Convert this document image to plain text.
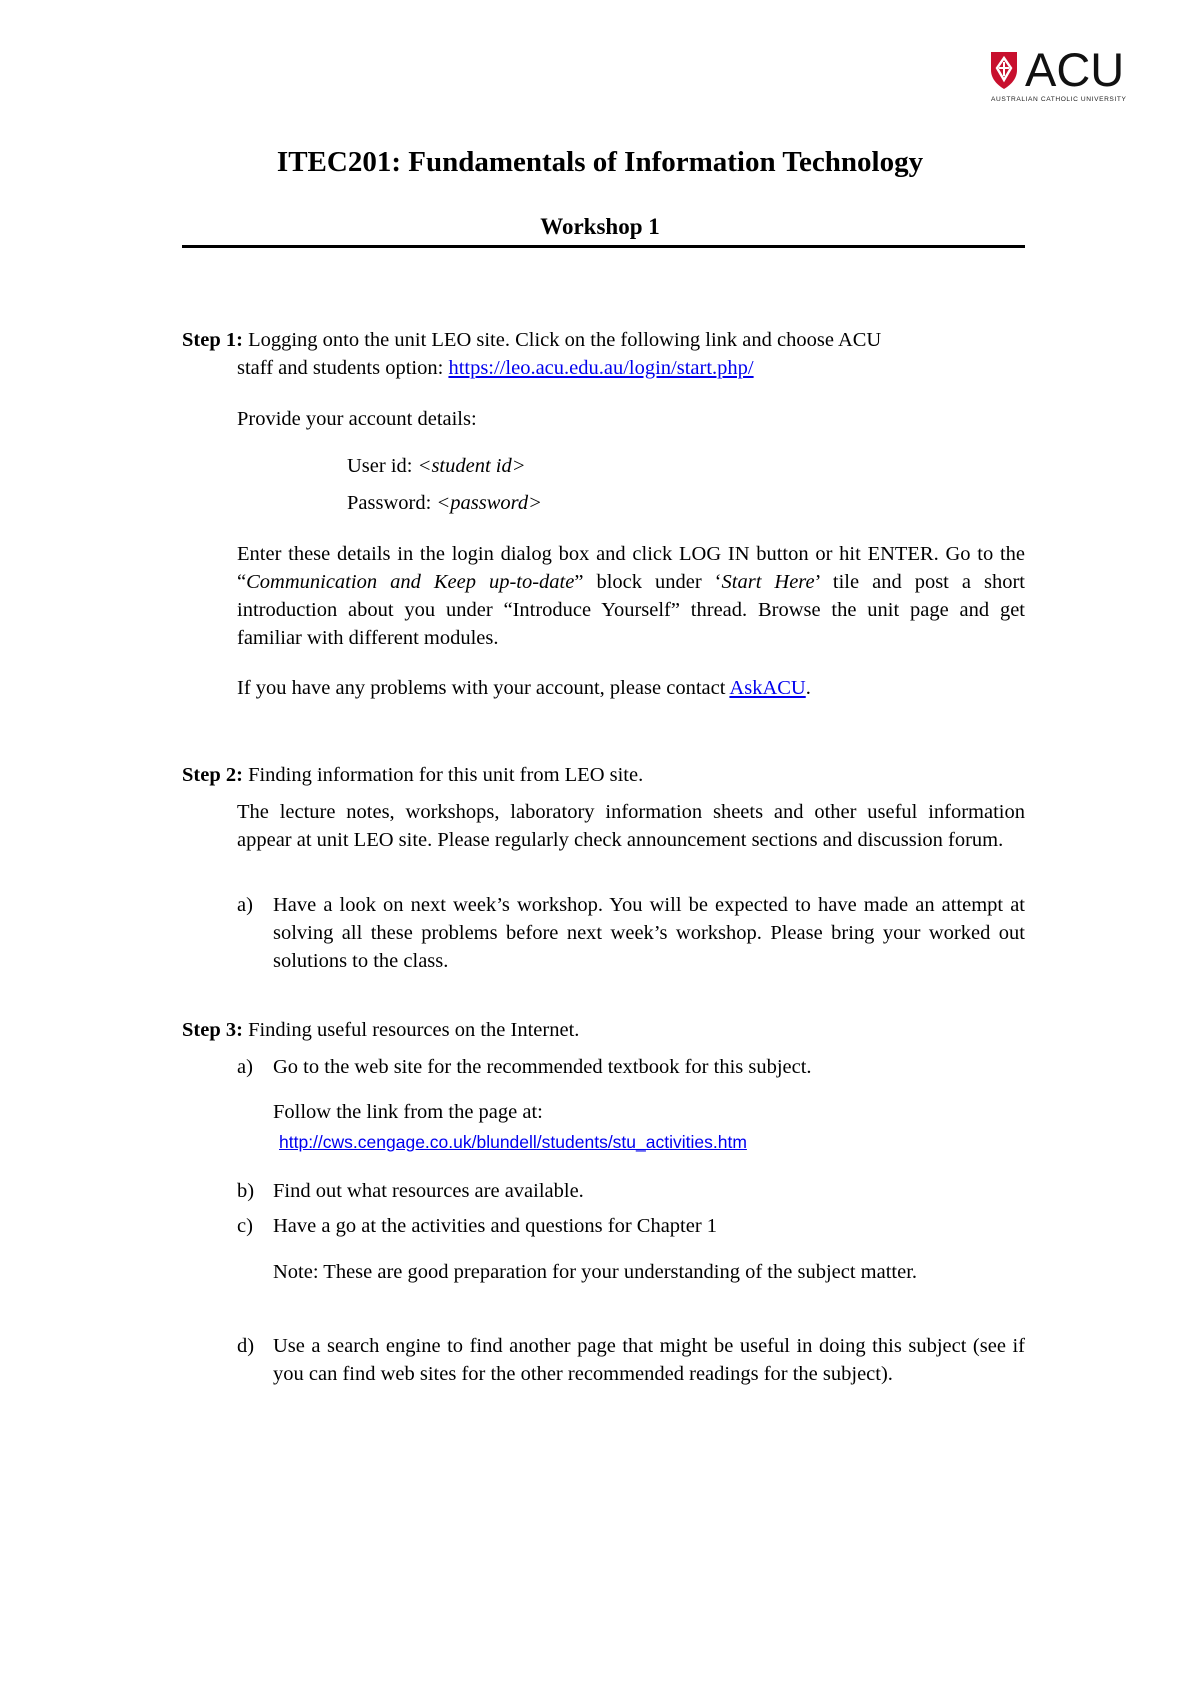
ACU
AUSTRALIAN CATHOLIC UNIVERSITY
ITEC201: Fundamentals of Information Technology
Workshop 1

Step 1: Logging onto the unit LEO site. Click on the following link and choose ACU

staff and students option: https://leo.acu.edu.au/login/start.php/

Provide your account details:

User id: <student id>

Password: <password>

Enter these details in the login dialog box and click LOG IN button or hit ENTER. Go to the “Communication and Keep up-to-date” block under ‘Start Here’ tile and post a short introduction about you under “Introduce Yourself” thread. Browse the unit page and get familiar with different modules.

If you have any problems with your account, please contact AskACU.

Step 2: Finding information for this unit from LEO site.

The lecture notes, workshops, laboratory information sheets and other useful information appear at unit LEO site. Please regularly check announcement sections and discussion forum.

a) Have a look on next week’s workshop. You will be expected to have made an attempt at solving all these problems before next week’s workshop. Please bring your worked out solutions to the class.

Step 3: Finding useful resources on the Internet.

a) Go to the web site for the recommended textbook for this subject.

Follow the link from the page at:

http://cws.cengage.co.uk/blundell/students/stu_activities.htm

b) Find out what resources are available.

c) Have a go at the activities and questions for Chapter 1

Note: These are good preparation for your understanding of the subject matter.

d) Use a search engine to find another page that might be useful in doing this subject (see if you can find web sites for the other recommended readings for the subject).
